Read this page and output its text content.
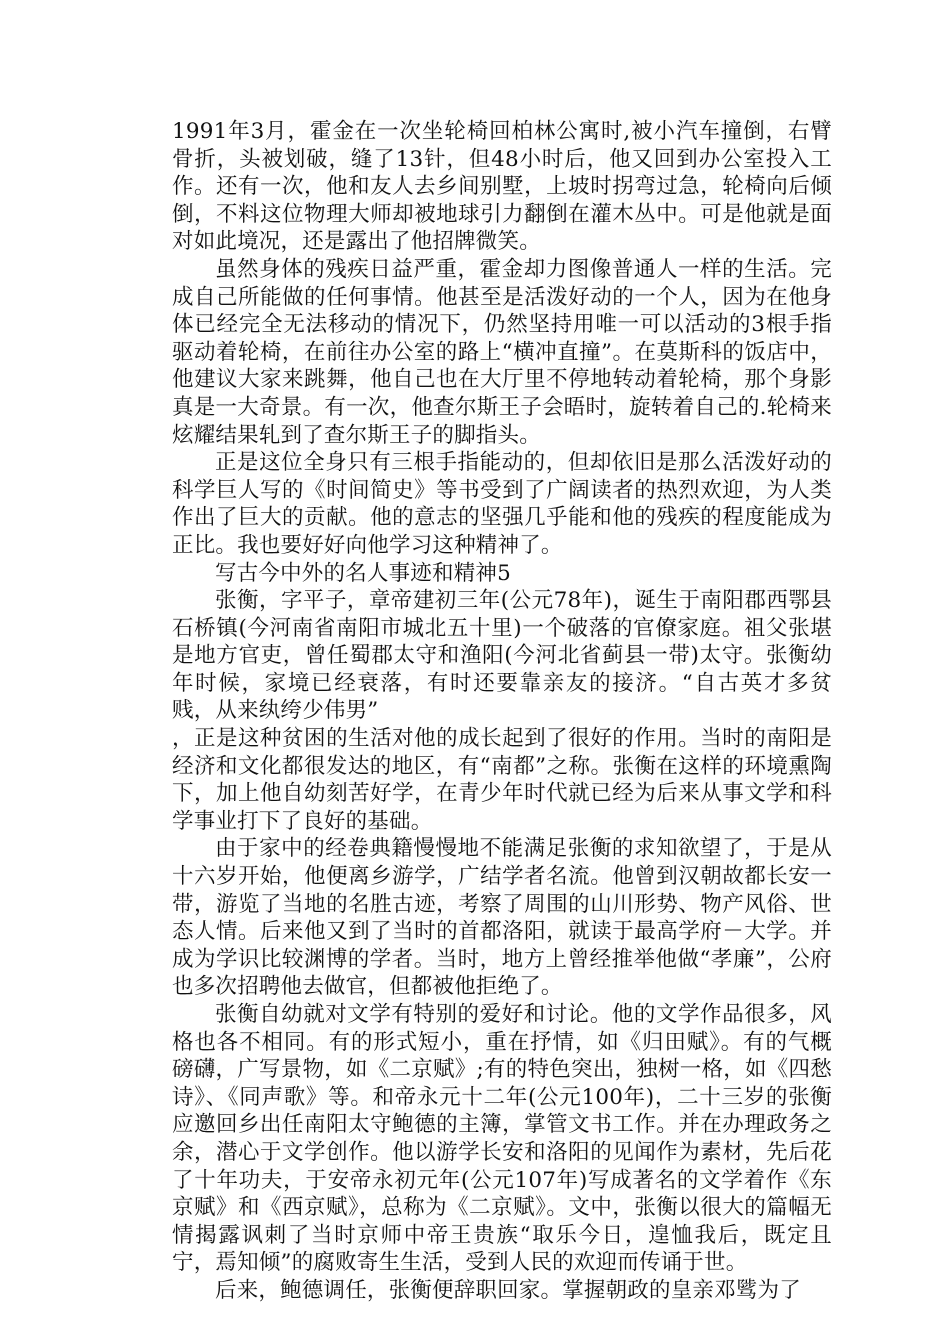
1991年3月，霍金在一次坐轮椅回柏林公寓时,被小汽车撞倒，右臂骨折，头被划破，缝了13针，但48小时后，他又回到办公室投入工作。还有一次，他和友人去乡间别墅，上坡时拐弯过急，轮椅向后倾倒，不料这位物理大师却被地球引力翻倒在灌木丛中。可是他就是面对如此境况，还是露出了他招牌微笑。

虽然身体的残疾日益严重，霍金却力图像普通人一样的生活。完成自己所能做的任何事情。他甚至是活泼好动的一个人，因为在他身体已经完全无法移动的情况下，仍然坚持用唯一可以活动的3根手指驱动着轮椅，在前往办公室的路上“横冲直撞”。在莫斯科的饭店中，他建议大家来跳舞，他自己也在大厅里不停地转动着轮椅，那个身影真是一大奇景。有一次，他查尔斯王子会晤时，旋转着自己的.轮椅来炫耀结果轧到了查尔斯王子的脚指头。

正是这位全身只有三根手指能动的，但却依旧是那么活泼好动的科学巨人写的《时间简史》等书受到了广阔读者的热烈欢迎，为人类作出了巨大的贡献。他的意志的坚强几乎能和他的残疾的程度能成为正比。我也要好好向他学习这种精神了。

写古今中外的名人事迹和精神5

张衡，字平子，章帝建初三年(公元78年)，诞生于南阳郡西鄂县石桥镇(今河南省南阳市城北五十里)一个破落的官僚家庭。祖父张堪是地方官吏，曾任蜀郡太守和渔阳(今河北省蓟县一带)太守。张衡幼年时候，家境已经衰落，有时还要靠亲友的接济。“自古英才多贫贱，从来纨绔少伟男”

，正是这种贫困的生活对他的成长起到了很好的作用。当时的南阳是经济和文化都很发达的地区，有“南都”之称。张衡在这样的环境熏陶下，加上他自幼刻苦好学，在青少年时代就已经为后来从事文学和科学事业打下了良好的基础。

由于家中的经卷典籍慢慢地不能满足张衡的求知欲望了，于是从十六岁开始，他便离乡游学，广结学者名流。他曾到汉朝故都长安一带，游览了当地的名胜古迹，考察了周围的山川形势、物产风俗、世态人情。后来他又到了当时的首都洛阳，就读于最高学府－大学。并成为学识比较渊博的学者。当时，地方上曾经推举他做“孝廉”，公府也多次招聘他去做官，但都被他拒绝了。

张衡自幼就对文学有特别的爱好和讨论。他的文学作品很多，风格也各不相同。有的形式短小，重在抒情，如《归田赋》。有的气概磅礴，广写景物，如《二京赋》;有的特色突出，独树一格，如《四愁诗》、《同声歌》等。和帝永元十二年(公元100年)，二十三岁的张衡应邀回乡出任南阳太守鲍德的主簿，掌管文书工作。并在办理政务之余，潜心于文学创作。他以游学长安和洛阳的见闻作为素材，先后花了十年功夫，于安帝永初元年(公元107年)写成著名的文学着作《东京赋》和《西京赋》，总称为《二京赋》。文中，张衡以很大的篇幅无情揭露讽刺了当时京师中帝王贵族“取乐今日，遑恤我后，既定且宁，焉知倾”的腐败寄生生活，受到人民的欢迎而传诵于世。

后来，鲍德调任，张衡便辞职回家。掌握朝政的皇亲邓骘为了
